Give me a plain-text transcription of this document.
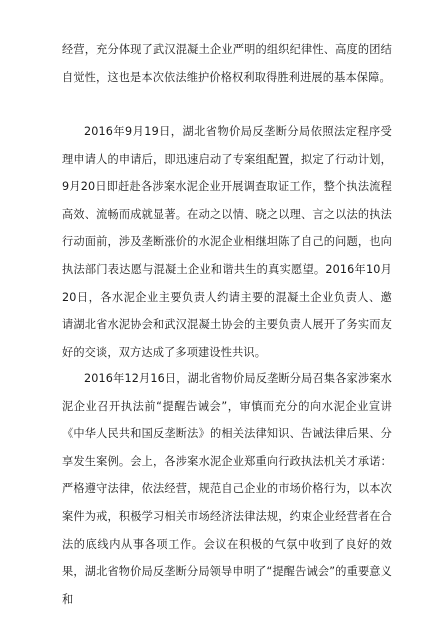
经营，充分体现了武汉混凝土企业严明的组织纪律性、高度的团结自觉性，这也是本次依法维护价格权利取得胜利进展的基本保障。

2016年9月19日，湖北省物价局反垄断分局依照法定程序受理申请人的申请后，即迅速启动了专案组配置，拟定了行动计划，9月20日即赶赴各涉案水泥企业开展调查取证工作，整个执法流程高效、流畅而成就显著。在动之以情、晓之以理、言之以法的执法行动面前，涉及垄断涨价的水泥企业相继坦陈了自己的问题，也向执法部门表达愿与混凝土企业和谐共生的真实愿望。2016年10月20日，各水泥企业主要负责人约请主要的混凝土企业负责人、邀请湖北省水泥协会和武汉混凝土协会的主要负责人展开了务实而友好的交谈，双方达成了多项建设性共识。

2016年12月16日，湖北省物价局反垄断分局召集各家涉案水泥企业召开执法前“提醒告诫会”，审慎而充分的向水泥企业宣讲《中华人民共和国反垄断法》的相关法律知识、告诫法律后果、分享发生案例。会上，各涉案水泥企业郑重向行政执法机关才承诺：严格遵守法律，依法经营，规范自己企业的市场价格行为，以本次案件为戒，积极学习相关市场经济法律法规，约束企业经营者在合法的底线内从事各项工作。会议在积极的气氛中收到了良好的效果，湖北省物价局反垄断分局领导申明了“提醒告诫会”的重要意义和
